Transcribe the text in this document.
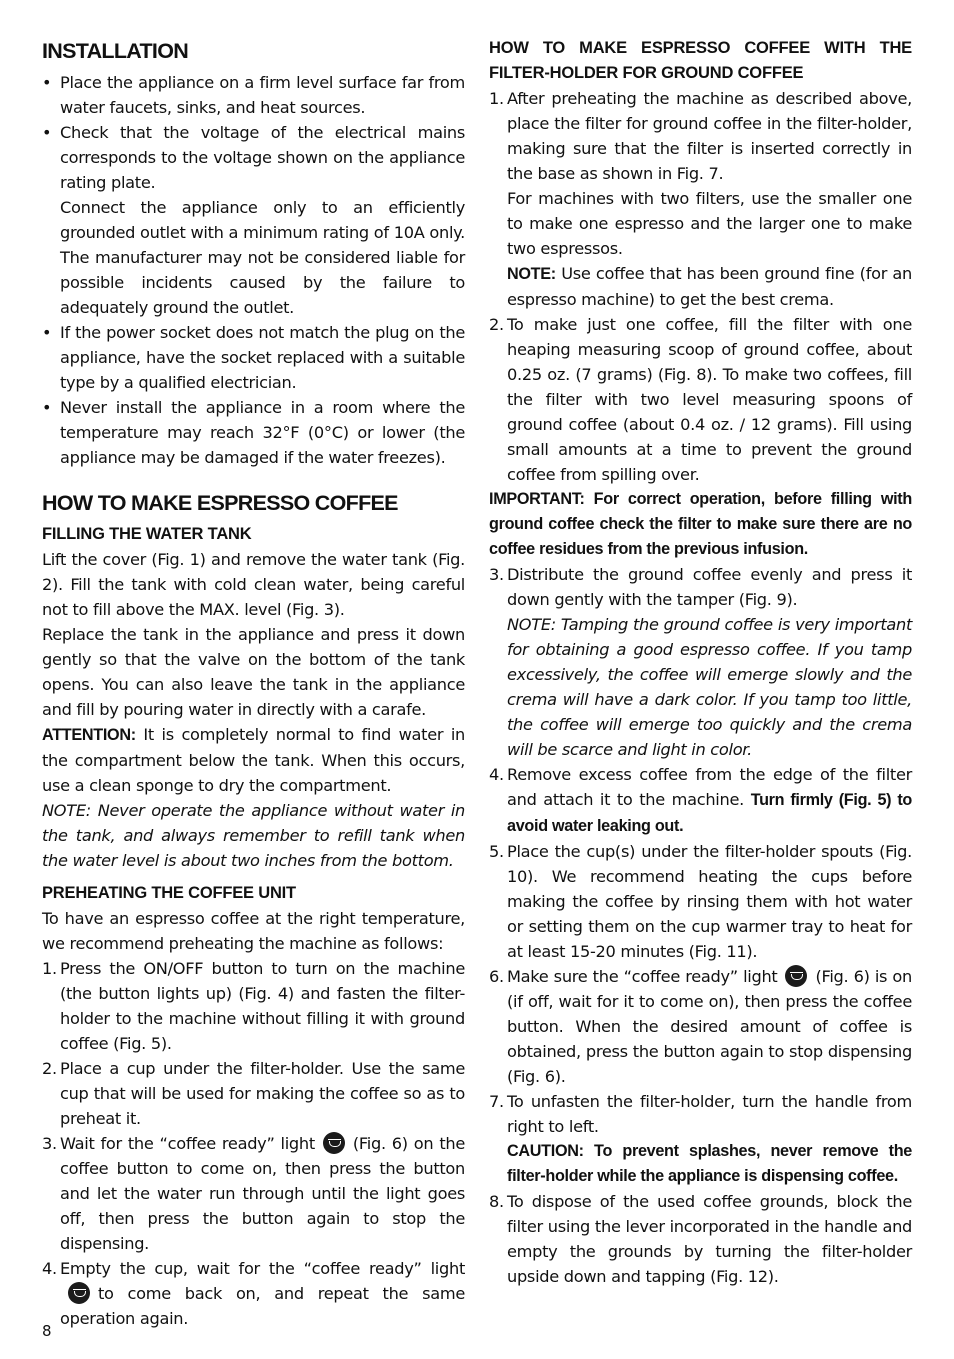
INSTALLATION
• Place the appliance on a firm level surface far from water faucets, sinks, and heat sources.

• Check that the voltage of the electrical mains corresponds to the voltage shown on the appliance rating plate.

Connect the appliance only to an efficiently grounded outlet with a minimum rating of 10A only. The manufacturer may not be considered liable for possible incidents caused by the failure to adequately ground the outlet.

• If the power socket does not match the plug on the appliance, have the socket replaced with a suitable type by a qualified electrician.
• Never install the appliance in a room where the temperature may reach 32°F (0°C) or lower (the appliance may be damaged if the water freezes).
HOW TO MAKE ESPRESSO COFFEE
FILLING THE WATER TANK

Lift the cover (Fig. 1) and remove the water tank (Fig. 2). Fill the tank with cold clean water, being careful not to fill above the MAX. level (Fig. 3).

Replace the tank in the appliance and press it down gently so that the valve on the bottom of the tank opens. You can also leave the tank in the appliance and fill by pouring water in directly with a carafe.

ATTENTION: It is completely normal to find water in the compartment below the tank. When this occurs, use a clean sponge to dry the compartment.

NOTE: Never operate the appliance without water in the tank, and always remember to refill tank when the water level is about two inches from the bottom.

PREHEATING THE COFFEE UNIT

To have an espresso coffee at the right temperature, we recommend preheating the machine as follows:

1. Press the ON/OFF button to turn on the machine (the button lights up) (Fig. 4) and fasten the filter-holder to the machine without filling it with ground coffee (Fig. 5).
2. Place a cup under the filter-holder. Use the same cup that will be used for making the coffee so as to preheat it.
3. Wait for the “coffee ready” light (Fig. 6) on the coffee button to come on, then press the button and let the water run through until the light goes off, then press the button again to stop the dispensing.
4. Empty the cup, wait for the “coffee ready” lightto come back on, and repeat the same operation again.
HOW TO MAKE ESPRESSO COFFEE WITH THE FILTER-HOLDER FOR GROUND COFFEE
1. After preheating the machine as described above, place the filter for ground coffee in the filter-holder, making sure that the filter is inserted correctly in the base as shown in Fig. 7.

For machines with two filters, use the smaller one to make one espresso and the larger one to make two espressos.

NOTE: Use coffee that has been ground fine (for an espresso machine) to get the best crema.

2. To make just one coffee, fill the filter with one heaping measuring scoop of ground coffee, about 0.25 oz. (7 grams) (Fig. 8). To make two coffees, fill the filter with two level measuring spoons of ground coffee (about 0.4 oz. / 12 grams). Fill using small amounts at a time to prevent the ground coffee from spilling over.

IMPORTANT: For correct operation, before filling with ground coffee check the filter to make sure there are no coffee residues from the previous infusion.

3. Distribute the ground coffee evenly and press it down gently with the tamper (Fig. 9).

NOTE: Tamping the ground coffee is very important for obtaining a good espresso coffee. If you tamp excessively, the coffee will emerge slowly and the crema will have a dark color. If you tamp too little, the coffee will emerge too quickly and the crema will be scarce and light in color.

4. Remove excess coffee from the edge of the filter and attach it to the machine. Turn firmly (Fig. 5) to avoid water leaking out.
5. Place the cup(s) under the filter-holder spouts (Fig. 10). We recommend heating the cups before making the coffee by rinsing them with hot water or setting them on the cup warmer tray to heat for at least 15-20 minutes (Fig. 11).
6. Make sure the “coffee ready” light (Fig. 6) is on (if off, wait for it to come on), then press the coffee button. When the desired amount of coffee is obtained, press the button again to stop dispensing (Fig. 6).
7. To unfasten the filter-holder, turn the handle from right to left.

CAUTION: To prevent splashes, never remove the filter-holder while the appliance is dispensing coffee.

8. To dispose of the used coffee grounds, block the filter using the lever incorporated in the handle and empty the grounds by turning the filter-holder upside down and tapping (Fig. 12).
8
